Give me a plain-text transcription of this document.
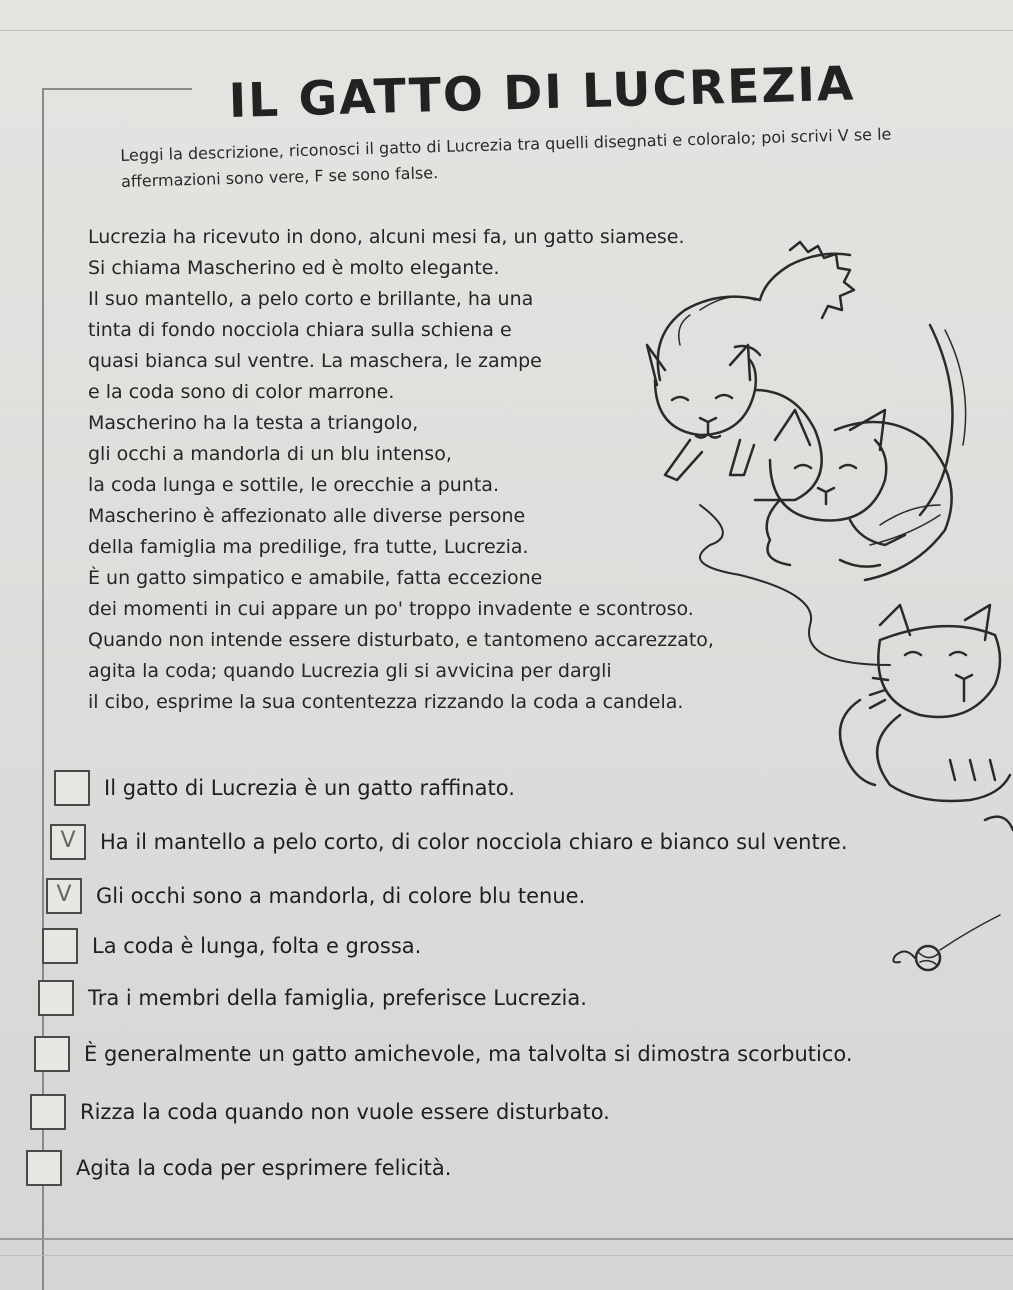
IL GATTO DI LUCREZIA
Leggi la descrizione, riconosci il gatto di Lucrezia tra quelli disegnati e coloralo; poi scrivi V se le affermazioni sono vere, F se sono false.
Lucrezia ha ricevuto in dono, alcuni mesi fa, un gatto siamese.
Si chiama Mascherino ed è molto elegante.
Il suo mantello, a pelo corto e brillante, ha una
tinta di fondo nocciola chiara sulla schiena e
quasi bianca sul ventre. La maschera, le zampe
e la coda sono di color marrone.
Mascherino ha la testa a triangolo,
gli occhi a mandorla di un blu intenso,
la coda lunga e sottile, le orecchie a punta.
Mascherino è affezionato alle diverse persone
della famiglia ma predilige, fra tutte, Lucrezia.
È un gatto simpatico e amabile, fatta eccezione
dei momenti in cui appare un po' troppo invadente e scontroso.
Quando non intende essere disturbato, e tantomeno accarezzato,
agita la coda; quando Lucrezia gli si avvicina per dargli
il cibo, esprime la sua contentezza rizzando la coda a candela.
Il gatto di Lucrezia è un gatto raffinato.
V	Ha il mantello a pelo corto, di color nocciola chiaro e bianco sul ventre.
V	Gli occhi sono a mandorla, di colore blu tenue.
La coda è lunga, folta e grossa.
Tra i membri della famiglia, preferisce Lucrezia.
È generalmente un gatto amichevole, ma talvolta si dimostra scorbutico.
Rizza la coda quando non vuole essere disturbato.
Agita la coda per esprimere felicità.
